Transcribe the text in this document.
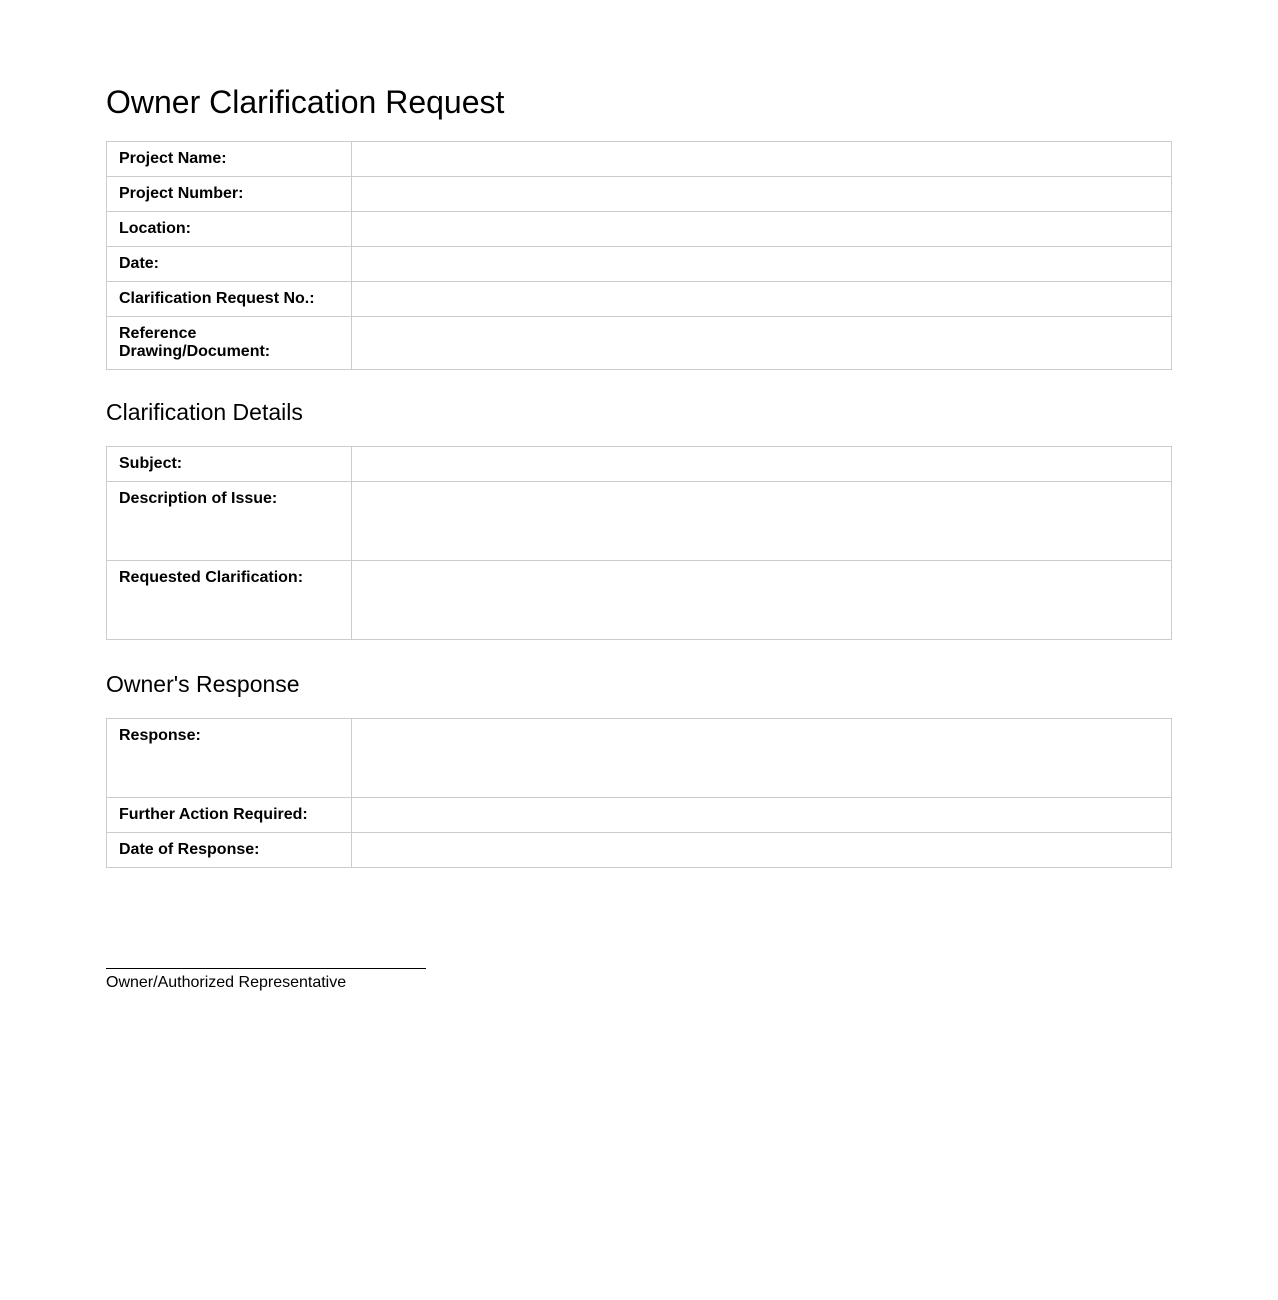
Owner Clarification Request
Project Name:	
Project Number:	
Location:	
Date:	
Clarification Request No.:	
Reference Drawing/Document:	
Clarification Details
Subject:	
Description of Issue:	
Requested Clarification:	
Owner's Response
Response:	
Further Action Required:	
Date of Response:	
Owner/Authorized Representative
